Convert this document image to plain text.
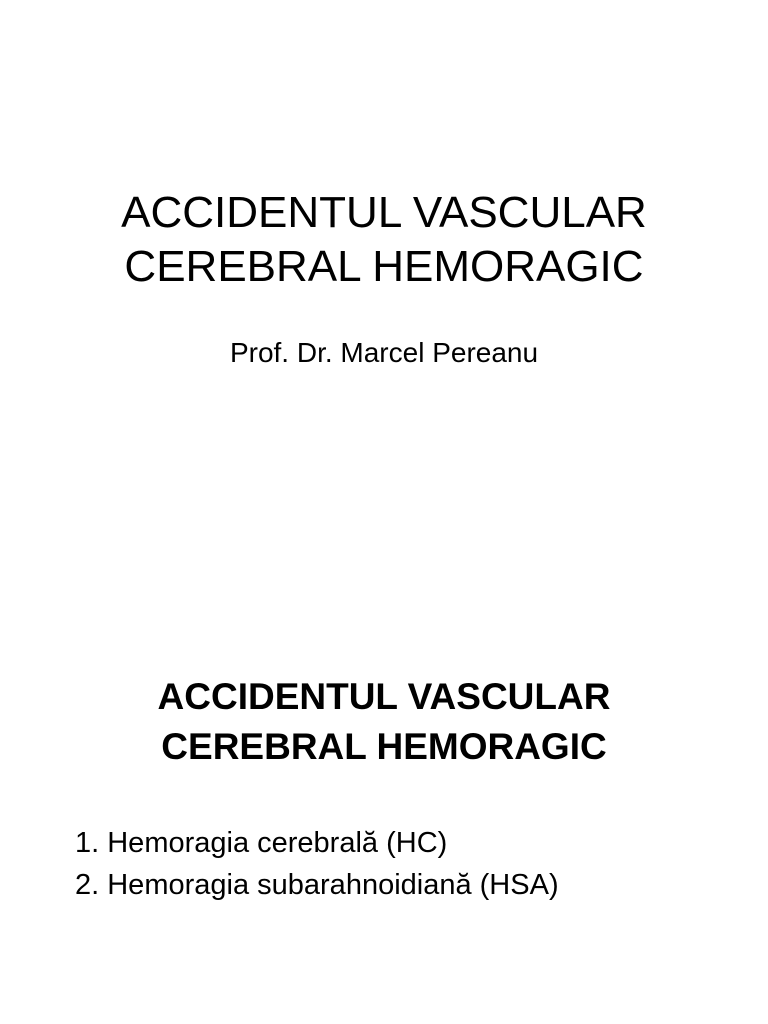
ACCIDENTUL VASCULAR
CEREBRAL HEMORAGIC

Prof. Dr. Marcel Pereanu

ACCIDENTUL VASCULAR
CEREBRAL HEMORAGIC
1. Hemoragia cerebrală (HC)
2. Hemoragia subarahnoidiană (HSA)
